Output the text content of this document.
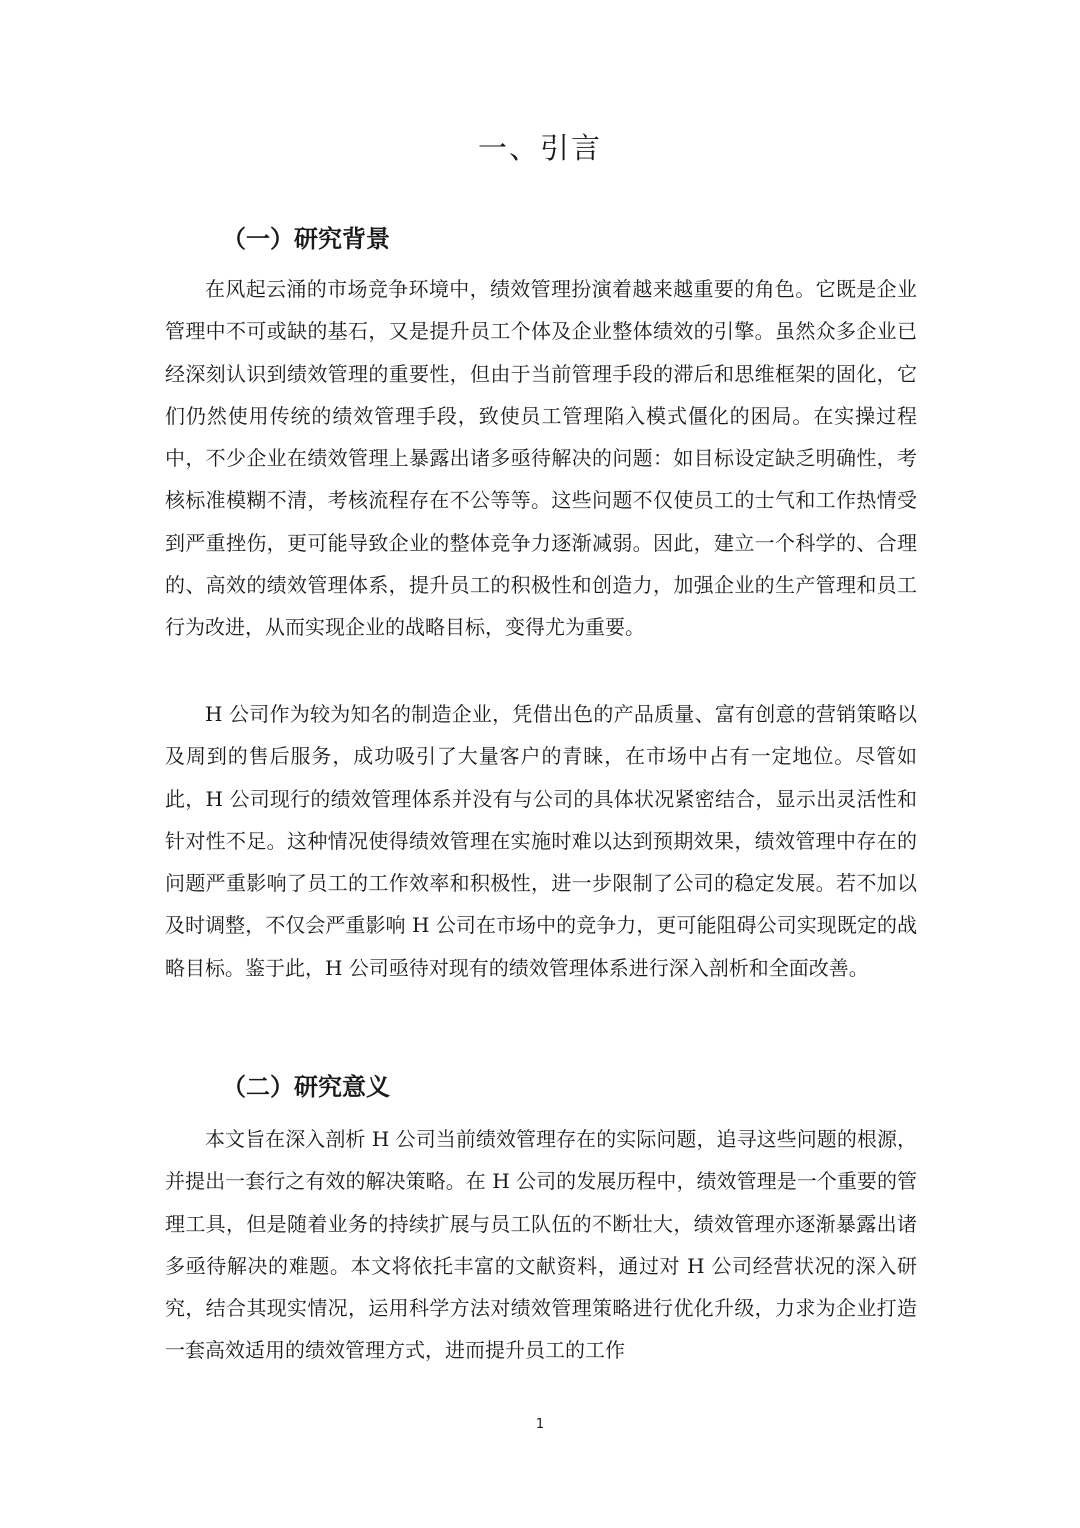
一、引言
（一）研究背景

在风起云涌的市场竞争环境中，绩效管理扮演着越来越重要的角色。它既是企业管理中不可或缺的基石，又是提升员工个体及企业整体绩效的引擎。虽然众多企业已经深刻认识到绩效管理的重要性，但由于当前管理手段的滞后和思维框架的固化，它们仍然使用传统的绩效管理手段，致使员工管理陷入模式僵化的困局。在实操过程中，不少企业在绩效管理上暴露出诸多亟待解决的问题：如目标设定缺乏明确性，考核标准模糊不清，考核流程存在不公等等。这些问题不仅使员工的士气和工作热情受到严重挫伤，更可能导致企业的整体竞争力逐渐减弱。因此，建立一个科学的、合理的、高效的绩效管理体系，提升员工的积极性和创造力，加强企业的生产管理和员工行为改进，从而实现企业的战略目标，变得尤为重要。

H 公司作为较为知名的制造企业，凭借出色的产品质量、富有创意的营销策略以及周到的售后服务，成功吸引了大量客户的青睐，在市场中占有一定地位。尽管如此，H 公司现行的绩效管理体系并没有与公司的具体状况紧密结合，显示出灵活性和针对性不足。这种情况使得绩效管理在实施时难以达到预期效果，绩效管理中存在的问题严重影响了员工的工作效率和积极性，进一步限制了公司的稳定发展。若不加以及时调整，不仅会严重影响 H 公司在市场中的竞争力，更可能阻碍公司实现既定的战略目标。鉴于此，H 公司亟待对现有的绩效管理体系进行深入剖析和全面改善。

（二）研究意义

本文旨在深入剖析 H 公司当前绩效管理存在的实际问题，追寻这些问题的根源，并提出一套行之有效的解决策略。在 H 公司的发展历程中，绩效管理是一个重要的管理工具，但是随着业务的持续扩展与员工队伍的不断壮大，绩效管理亦逐渐暴露出诸多亟待解决的难题。本文将依托丰富的文献资料，通过对 H 公司经营状况的深入研究，结合其现实情况，运用科学方法对绩效管理策略进行优化升级，力求为企业打造一套高效适用的绩效管理方式，进而提升员工的工作

1
